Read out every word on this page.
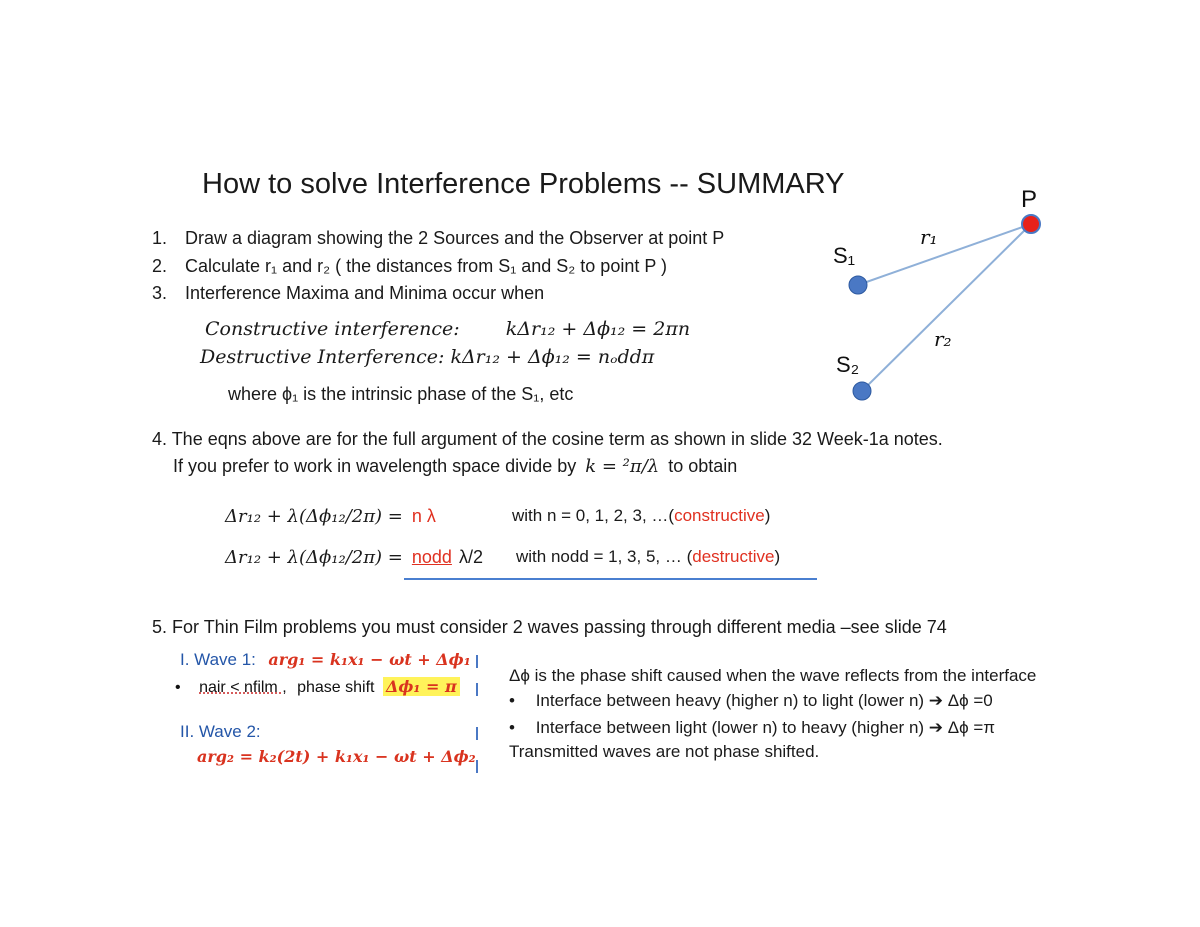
How to solve Interference Problems -- SUMMARY
1. Draw a diagram showing the 2 Sources and the Observer at point P
2. Calculate r₁ and r₂ ( the distances from S₁ and S₂ to point P )
3. Interference Maxima and Minima occur when
Constructive interference: kΔr₁₂ + Δϕ₁₂ = 2πn
Destructive Interference: kΔr₁₂ + Δϕ₁₂ = nₒddπ
where ϕ₁ is the intrinsic phase of the S₁, etc
4. The eqns above are for the full argument of the cosine term as shown in slide 32 Week-1a notes.
If you prefer to work in wavelength space divide by k = ²π/λ to obtain
Δr₁₂ + λ(Δϕ₁₂/2π) = n λ	with n = 0, 1, 2, 3, …(constructive)
Δr₁₂ + λ(Δϕ₁₂/2π) = nodd λ/2 with nodd = 1, 3, 5, … (destructive)
5. For Thin Film problems you must consider 2 waves passing through different media –see slide 74
I. Wave 1: arg₁ = k₁x₁ − ωt + Δϕ₁
• nair < nfilm , phase shift Δϕ₁ = π
II. Wave 2:
arg₂ = k₂(2t) + k₁x₁ − ωt + Δϕ₂
Δϕ is the phase shift caused when the wave reflects from the interface
• Interface between heavy (higher n) to light (lower n) ➔ Δϕ =0
• Interface between light (lower n) to heavy (higher n) ➔ Δϕ =π
Transmitted waves are not phase shifted.
P
S₁
S₂
r₁
r₂
